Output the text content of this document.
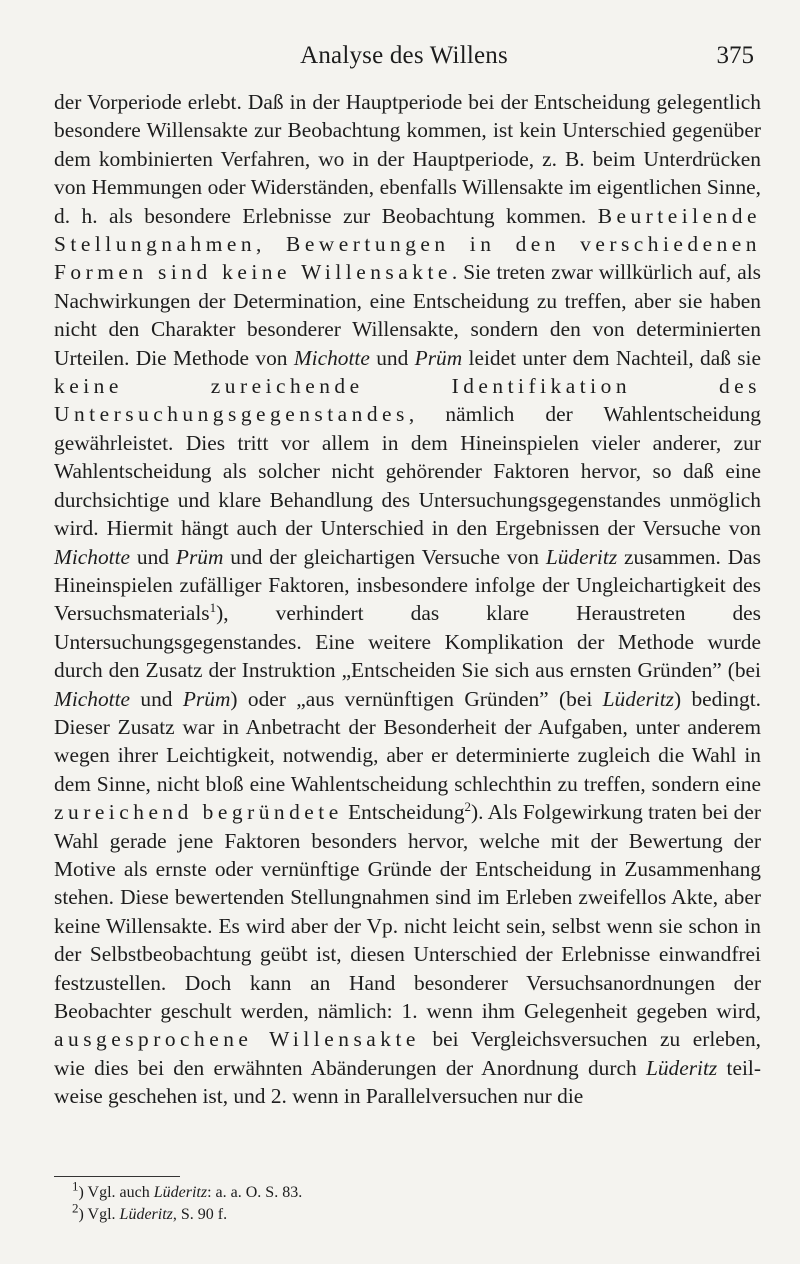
Analyse des Willens	375

der Vorperiode erlebt. Daß in der Hauptperiode bei der Entscheidung gelegentlich besondere Willensakte zur Beobachtung kommen, ist kein Unterschied gegenüber dem kombinierten Verfahren, wo in der Hauptperiode, z. B. beim Unterdrücken von Hemmungen oder Widerständen, ebenfalls Willensakte im eigentlichen Sinne, d. h. als besondere Erlebnisse zur Beobachtung kommen. Beurteilende Stellungnahmen, Bewertungen in den verschiedenen Formen sind keine Willensakte. Sie treten zwar willkürlich auf, als Nachwirkungen der Determination, eine Entscheidung zu treffen, aber sie haben nicht den Charakter besonderer Willensakte, sondern den von determinierten Urteilen. Die Methode von Michotte und Prüm leidet unter dem Nachteil, daß sie keine zureichende Identifikation des Untersuchungsgegenstandes, nämlich der Wahlentscheidung gewährleistet. Dies tritt vor allem in dem Hineinspielen vieler anderer, zur Wahlentscheidung als solcher nicht gehörender Faktoren hervor, so daß eine durchsichtige und klare Behandlung des Untersuchungsgegenstandes unmöglich wird. Hiermit hängt auch der Unterschied in den Ergebnissen der Versuche von Michotte und Prüm und der gleichartigen Versuche von Lüderitz zusammen. Das Hineinspielen zufälliger Faktoren, insbesondere infolge der Ungleichartigkeit des Versuchsmaterials$^1$), verhindert das klare Heraustreten des Untersuchungsgegenstandes. Eine weitere Komplikation der Methode wurde durch den Zusatz der Instruktion „Entscheiden Sie sich aus ernsten Gründen” (bei Michotte und Prüm) oder „aus vernünftigen Gründen” (bei Lüderitz) bedingt. Dieser Zusatz war in Anbetracht der Besonderheit der Aufgaben, unter anderem wegen ihrer Leichtigkeit, notwendig, aber er determinierte zugleich die Wahl in dem Sinne, nicht bloß eine Wahlentscheidung schlechthin zu treffen, sondern eine zureichend begründete Entscheidung$^2$). Als Folgewirkung traten bei der Wahl gerade jene Faktoren besonders hervor, welche mit der Bewertung der Motive als ernste oder vernünftige Gründe der Entscheidung in Zusammenhang stehen. Diese bewertenden Stellungnahmen sind im Erleben zweifellos Akte, aber keine Willensakte. Es wird aber der Vp. nicht leicht sein, selbst wenn sie schon in der Selbstbeobachtung geübt ist, diesen Unterschied der Erlebnisse einwandfrei festzustellen. Doch kann an Hand besonderer Versuchsanordnungen der Beobachter geschult werden, nämlich: 1. wenn ihm Gelegenheit gegeben wird, ausgesprochene Willensakte bei Vergleichsversuchen zu erleben, wie dies bei den erwähnten Abänderungen der Anordnung durch Lüderitz teilweise geschehen ist, und 2. wenn in Parallelversuchen nur die

$^1$) Vgl. auch Lüderitz: a. a. O. S. 83.
$^2$) Vgl. Lüderitz, S. 90 f.
